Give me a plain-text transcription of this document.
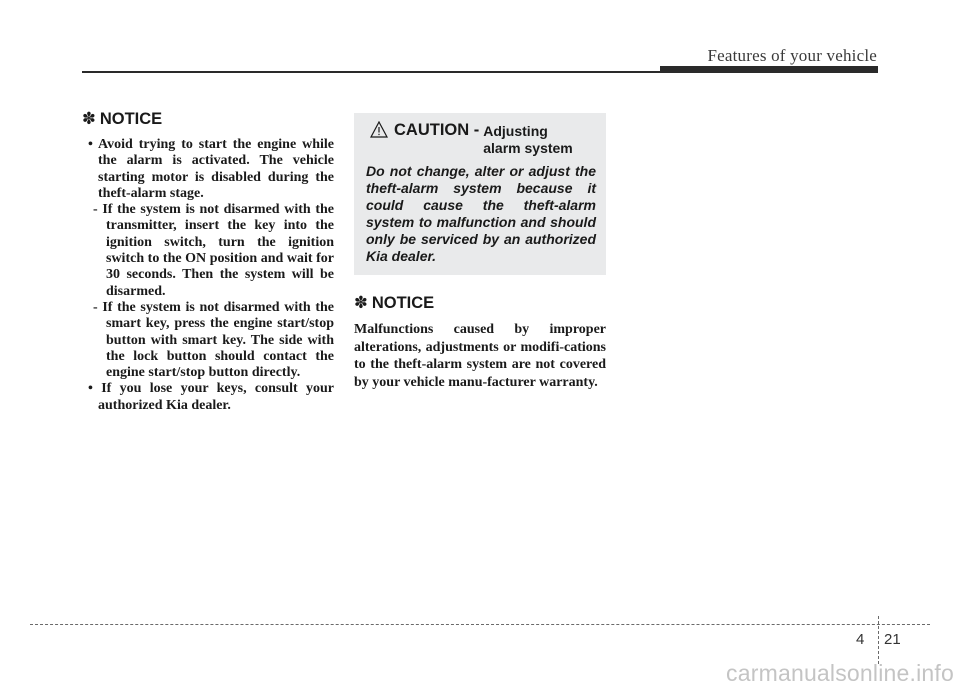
Features of your vehicle
✽ NOTICE

• Avoid trying to start the engine while the alarm is activated. The vehicle starting motor is disabled during the theft-alarm stage.

- If the system is not disarmed with the transmitter, insert the key into the ignition switch, turn the ignition switch to the ON position and wait for 30 seconds. Then the system will be disarmed.

- If the system is not disarmed with the smart key, press the engine start/stop button with smart key. The side with the lock button should contact the engine start/stop button directly.

• If you lose your keys, consult your authorized Kia dealer.

CAUTION - Adjusting alarm system

Do not change, alter or adjust the theft-alarm system because it could cause the theft-alarm system to malfunction and should only be serviced by an authorized Kia dealer.

✽ NOTICE

Malfunctions caused by improper alterations, adjustments or modifi-cations to the theft-alarm system are not covered by your vehicle manu-facturer warranty.

4 21
carmanualsonline.info
